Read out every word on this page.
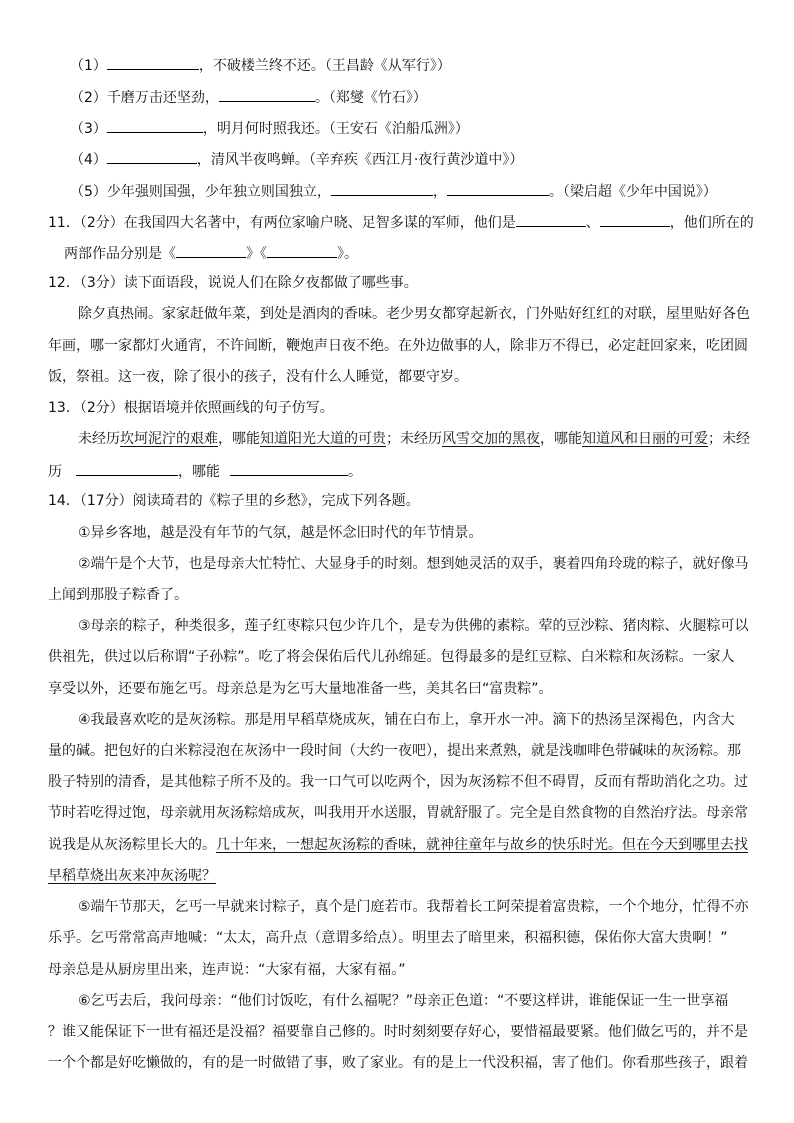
（1）	，不破楼兰终不还。（王昌龄《从军行》）
（2）千磨万击还坚劲，	。（郑燮《竹石》）
（3）	，明月何时照我还。（王安石《泊船瓜洲》）
（4）	，清风半夜鸣蝉。（辛弃疾《西江月·夜行黄沙道中》）
（5）少年强则国强，少年独立则国独立，	，	。（梁启超《少年中国说》）
11．（2分）在我国四大名著中，有两位家喻户晓、足智多谋的军师，他们是	、	，他们所在的
两部作品分别是《	》《	》。
12．（3分）读下面语段，说说人们在除夕夜都做了哪些事。
除夕真热闹。家家赶做年菜，到处是酒肉的香味。老少男女都穿起新衣，门外贴好红红的对联，屋里贴好各色
年画，哪一家都灯火通宵，不许间断，鞭炮声日夜不绝。在外边做事的人，除非万不得已，必定赶回家来，吃团圆
饭，祭祖。这一夜，除了很小的孩子，没有什么人睡觉，都要守岁。
13．（2分）根据语境并依照画线的句子仿写。
未经历坎坷泥泞的艰难，哪能知道阳光大道的可贵；未经历风雪交加的黑夜，哪能知道风和日丽的可爱；未经
历	，哪能	。
14．（17分）阅读琦君的《粽子里的乡愁》，完成下列各题。
①异乡客地，越是没有年节的气氛，越是怀念旧时代的年节情景。
②端午是个大节，也是母亲大忙特忙、大显身手的时刻。想到她灵活的双手，裹着四角玲珑的粽子，就好像马
上闻到那股子粽香了。
③母亲的粽子，种类很多，莲子红枣粽只包少许几个，是专为供佛的素粽。荤的豆沙粽、猪肉粽、火腿粽可以
供祖先，供过以后称谓“子孙粽”。吃了将会保佑后代儿孙绵延。包得最多的是红豆粽、白米粽和灰汤粽。一家人
享受以外，还要布施乞丐。母亲总是为乞丐大量地准备一些，美其名曰“富贵粽”。
④我最喜欢吃的是灰汤粽。那是用早稻草烧成灰，铺在白布上，拿开水一冲。滴下的热汤呈深褐色，内含大
量的碱。把包好的白米粽浸泡在灰汤中一段时间（大约一夜吧），提出来煮熟，就是浅咖啡色带碱味的灰汤粽。那
股子特别的清香，是其他粽子所不及的。我一口气可以吃两个，因为灰汤粽不但不碍胃，反而有帮助消化之功。过
节时若吃得过饱，母亲就用灰汤粽焙成灰，叫我用开水送服，胃就舒服了。完全是自然食物的自然治疗法。母亲常
说我是从灰汤粽里长大的。几十年来，一想起灰汤粽的香味，就神往童年与故乡的快乐时光。但在今天到哪里去找
早稻草烧出灰来冲灰汤呢？
⑤端午节那天，乞丐一早就来讨粽子，真个是门庭若市。我帮着长工阿荣提着富贵粽，一个个地分，忙得不亦
乐乎。乞丐常常高声地喊：“太太，高升点（意谓多给点）。明里去了暗里来，积福积德，保佑你大富大贵啊！”
母亲总是从厨房里出来，连声说：“大家有福，大家有福。”
⑥乞丐去后，我问母亲：“他们讨饭吃，有什么福呢？”母亲正色道：“不要这样讲，谁能保证一生一世享福
？谁又能保证下一世有福还是没福？福要靠自己修的。时时刻刻要存好心，要惜福最要紧。他们做乞丐的，并不是
一个个都是好吃懒做的，有的是一时做错了事，败了家业。有的是上一代没积福，害了他们。你看那些孩子，跟着
